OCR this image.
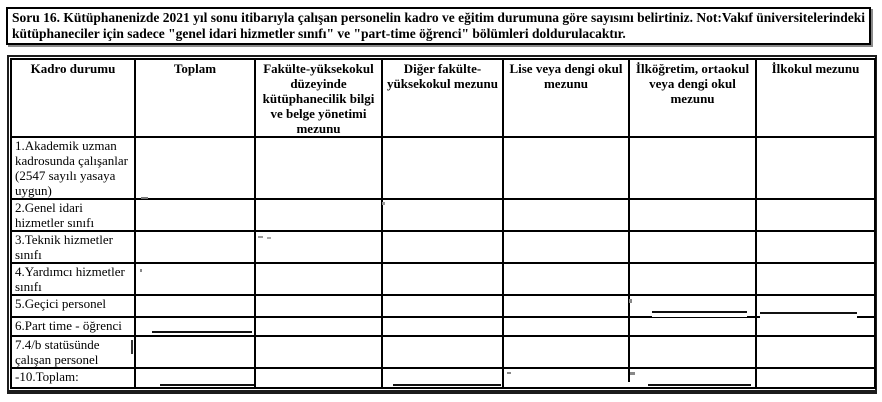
Soru 16. Kütüphanenizde 2021 yıl sonu itibarıyla çalışan personelin kadro ve eğitim durumuna göre sayısını belirtiniz. Not:Vakıf üniversitelerindeki kütüphaneciler için sadece "genel idari hizmetler sınıfı" ve "part-time öğrenci" bölümleri doldurulacaktır.
Kadro durumu	Toplam	Fakülte-yüksekokul düzeyinde kütüphanecilik bilgi ve belge yönetimi mezunu	Diğer fakülte-yüksekokul mezunu	Lise veya dengi okul mezunu	İlköğretim, ortaokul veya dengi okul mezunu	İlkokul mezunu
1.Akademik uzman kadrosunda çalışanlar (2547 sayılı yasaya uygun)						
2.Genel idari hizmetler sınıfı						
3.Teknik hizmetler sınıfı						
4.Yardımcı hizmetler sınıfı						
5.Geçici personel						
6.Part time - öğrenci						
7.4/b statüsünde çalışan personel						
-10.Toplam:						
